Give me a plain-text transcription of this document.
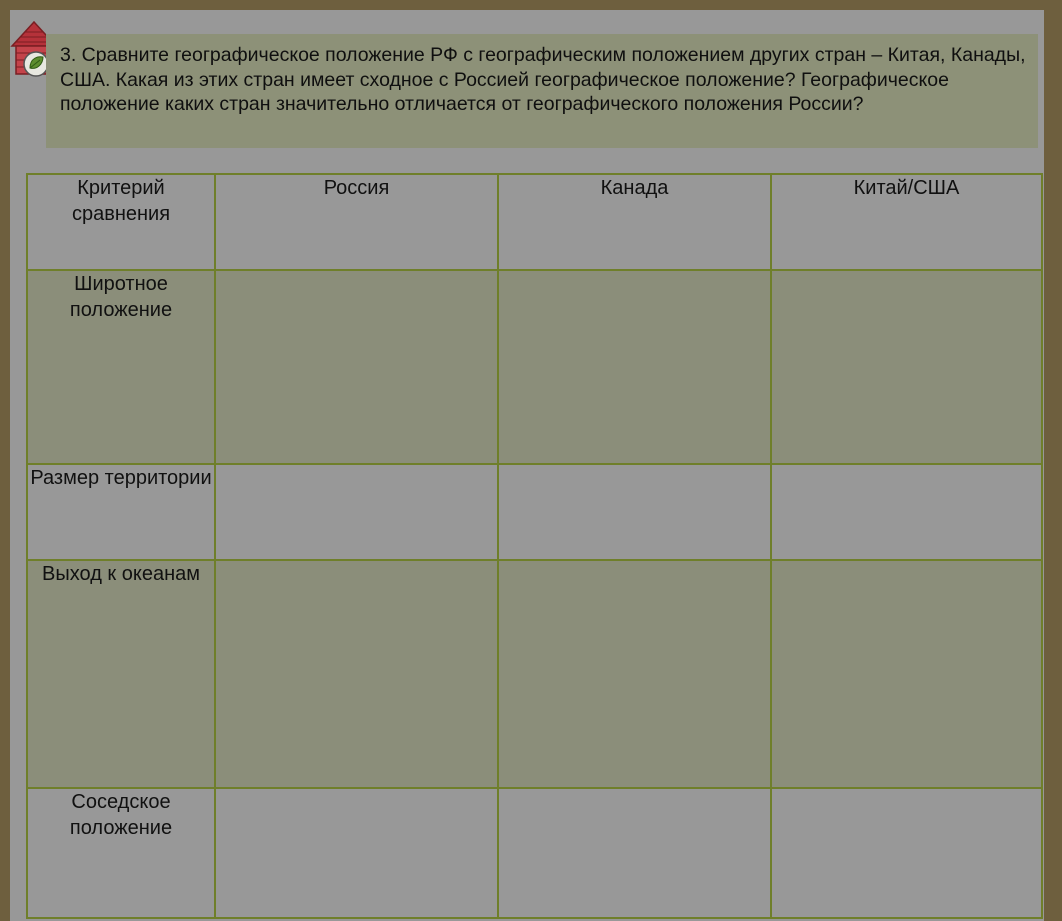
3. Сравните географическое положение РФ с географическим положением других стран – Китая, Канады, США. Какая из этих стран имеет сходное с Россией географическое положение? Географическое положение каких стран значительно отличается от географического положения России?

Критерий сравнения	Россия	Канада	Китай/США

Широтное положение			

Размер территории			

Выход к океанам			

Соседское положение			
